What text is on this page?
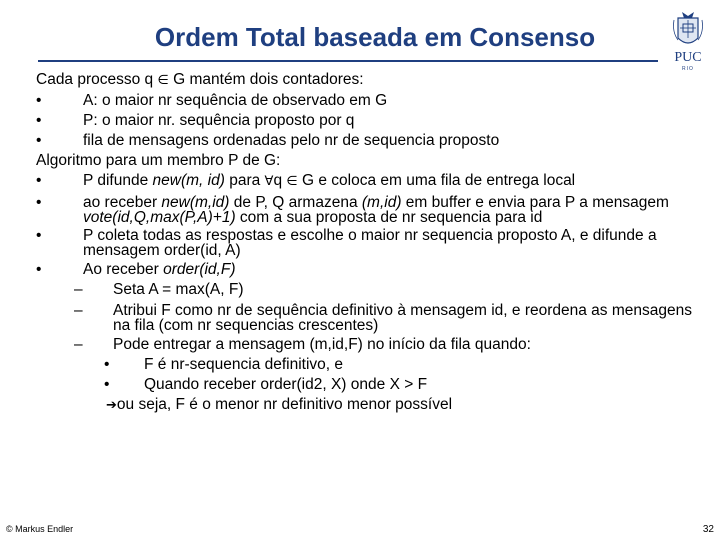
Ordem Total baseada em Consenso
PUC
RIO
Cada processo q ∈ G mantém dois contadores:
•	A: o maior nr sequência de observado em G
•	P: o maior nr. sequência proposto por q
•	fila de mensagens ordenadas pelo nr de sequencia proposto
Algoritmo para um membro P de G:
•	P difunde new(m, id) para ∀q ∈ G e coloca em uma fila de entrega local
•	ao receber new(m,id) de P, Q armazena (m,id) em buffer e envia para P a mensagem vote(id,Q,max(P,A)+1) com a sua proposta de nr sequencia para id
•	P coleta todas as respostas e escolhe o maior nr sequencia proposto A, e difunde a mensagem order(id, A)
•	Ao receber order(id,F)
– Seta A = max(A, F)
– Atribui F como nr de sequência definitivo à mensagem id, e reordena as mensagens na fila (com nr sequencias crescentes)
– Pode entregar a mensagem (m,id,F) no início da fila quando:
• F é nr-sequencia definitivo, e
• Quando receber order(id2, X) onde X > F
➔ou seja, F é o menor nr definitivo menor possível
© Markus Endler	32
